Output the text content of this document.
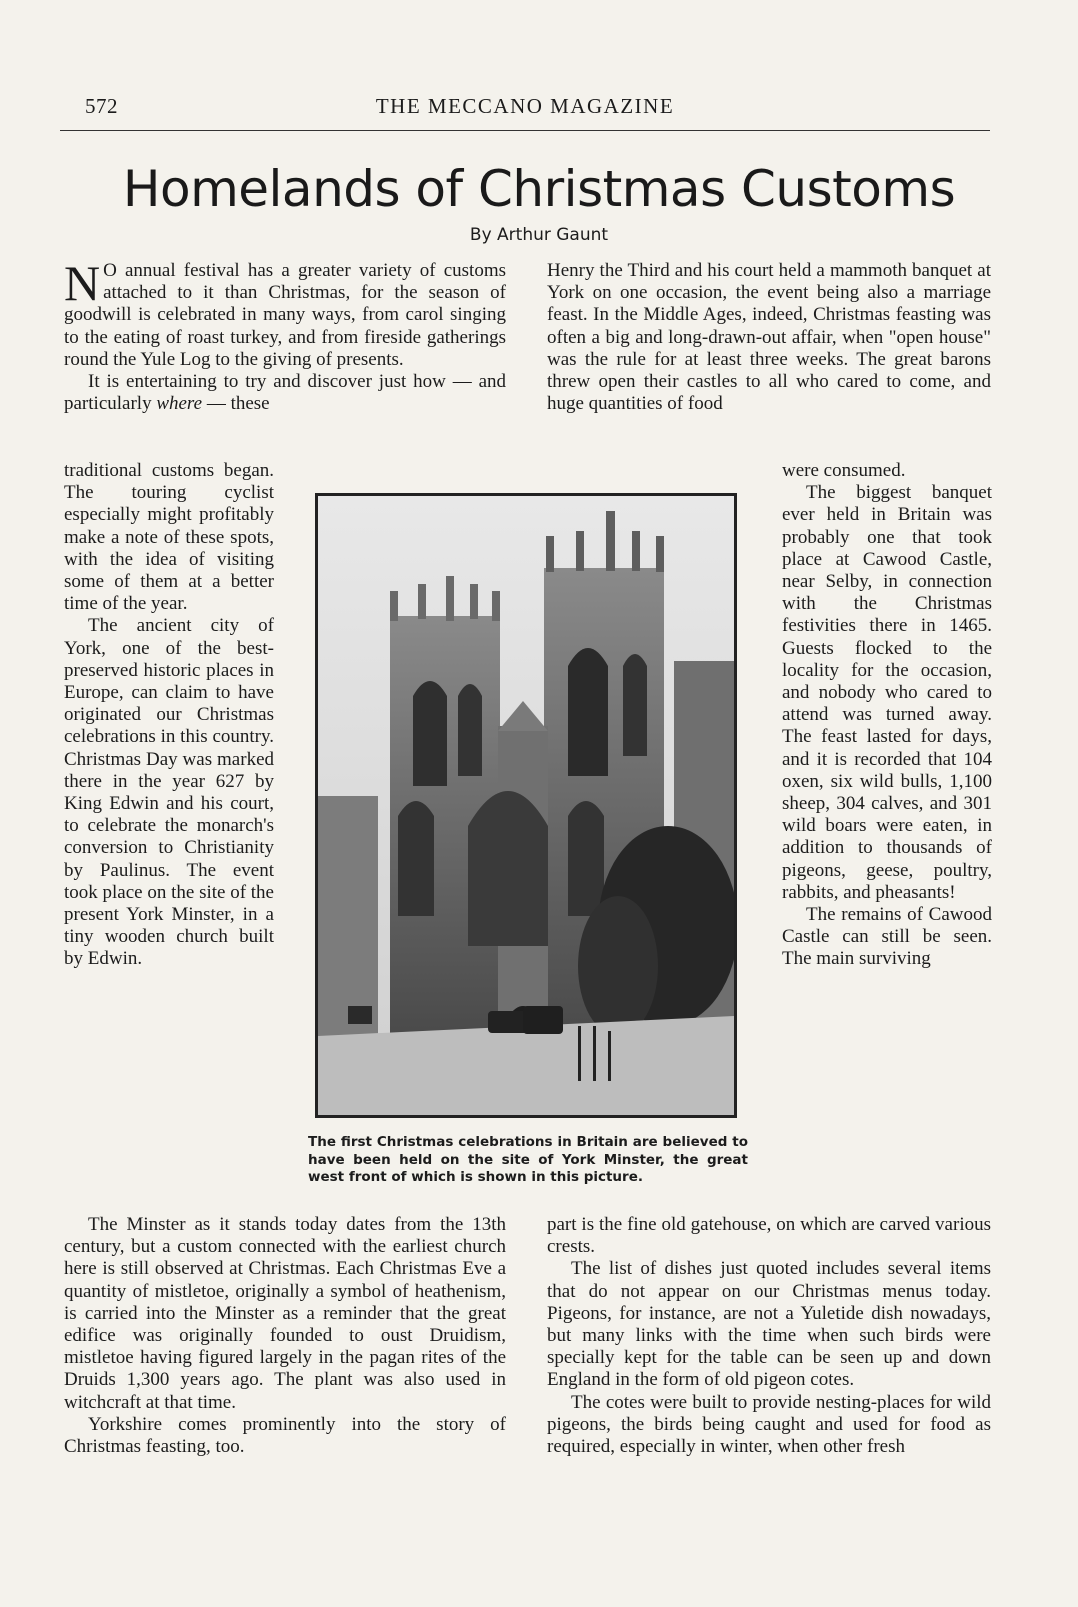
572	THE MECCANO MAGAZINE
Homelands of Christmas Customs
By Arthur Gaunt

N O annual festival has a greater variety of customs attached to it than Christmas, for the season of goodwill is celebrated in many ways, from carol singing to the eating of roast turkey, and from fireside gatherings round the Yule Log to the giving of presents.

It is entertaining to try and discover just how — and particularly where — these

traditional customs began. The touring cyclist especially might profitably make a note of these spots, with the idea of visiting some of them at a better time of the year.

The ancient city of York, one of the best-preserved historic places in Europe, can claim to have originated our Christmas celebrations in this country. Christmas Day was marked there in the year 627 by King Edwin and his court, to celebrate the monarch's conversion to Christianity by Paulinus. The event took place on the site of the present York Minster, in a tiny wooden church built by Edwin.

The first Christmas celebrations in Britain are believed to have been held on the site of York Minster, the great west front of which is shown in this picture.

The Minster as it stands today dates from the 13th century, but a custom connected with the earliest church here is still observed at Christmas. Each Christmas Eve a quantity of mistletoe, originally a symbol of heathenism, is carried into the Minster as a reminder that the great edifice was originally founded to oust Druidism, mistletoe having figured largely in the pagan rites of the Druids 1,300 years ago. The plant was also used in witchcraft at that time.

Yorkshire comes prominently into the story of Christmas feasting, too.

Henry the Third and his court held a mammoth banquet at York on one occasion, the event being also a marriage feast. In the Middle Ages, indeed, Christmas feasting was often a big and long-drawn-out affair, when "open house" was the rule for at least three weeks. The great barons threw open their castles to all who cared to come, and huge quantities of food

were consumed.

The biggest banquet ever held in Britain was probably one that took place at Cawood Castle, near Selby, in connection with the Christmas festivities there in 1465. Guests flocked to the locality for the occasion, and nobody who cared to attend was turned away. The feast lasted for days, and it is recorded that 104 oxen, six wild bulls, 1,100 sheep, 304 calves, and 301 wild boars were eaten, in addition to thousands of pigeons, geese, poultry, rabbits, and pheasants!

The remains of Cawood Castle can still be seen. The main surviving

part is the fine old gatehouse, on which are carved various crests.

The list of dishes just quoted includes several items that do not appear on our Christmas menus today. Pigeons, for instance, are not a Yuletide dish nowadays, but many links with the time when such birds were specially kept for the table can be seen up and down England in the form of old pigeon cotes.

The cotes were built to provide nesting-places for wild pigeons, the birds being caught and used for food as required, especially in winter, when other fresh
